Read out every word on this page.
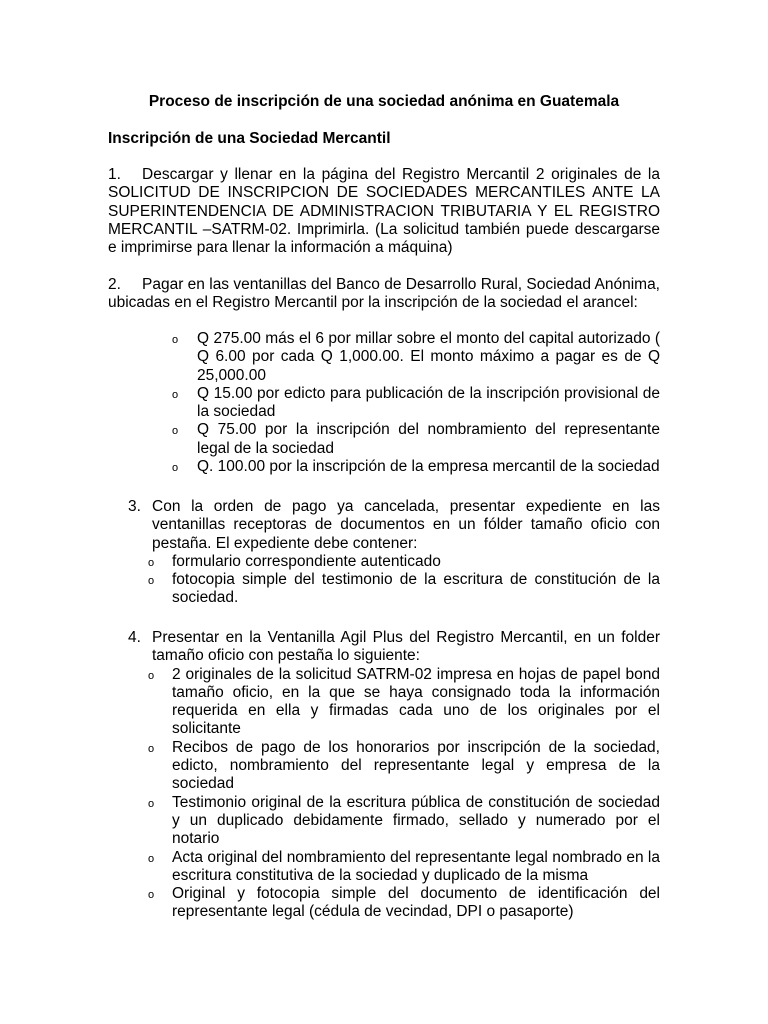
Proceso de inscripción de una sociedad anónima en Guatemala
Inscripción de una Sociedad Mercantil
1. Descargar y llenar en la página del Registro Mercantil 2 originales de la SOLICITUD DE INSCRIPCION DE SOCIEDADES MERCANTILES ANTE LA SUPERINTENDENCIA DE ADMINISTRACION TRIBUTARIA Y EL REGISTRO MERCANTIL –SATRM-02. Imprimirla. (La solicitud también puede descargarse e imprimirse para llenar la información a máquina)
2. Pagar en las ventanillas del Banco de Desarrollo Rural, Sociedad Anónima, ubicadas en el Registro Mercantil por la inscripción de la sociedad el arancel:
o Q 275.00 más el 6 por millar sobre el monto del capital autorizado ( Q 6.00 por cada Q 1,000.00. El monto máximo a pagar es de Q 25,000.00
o Q 15.00 por edicto para publicación de la inscripción provisional de la sociedad
o Q 75.00 por la inscripción del nombramiento del representante legal de la sociedad
o Q. 100.00 por la inscripción de la empresa mercantil de la sociedad
3. Con la orden de pago ya cancelada, presentar expediente en las ventanillas receptoras de documentos en un fólder tamaño oficio con pestaña. El expediente debe contener:
o formulario correspondiente autenticado
o fotocopia simple del testimonio de la escritura de constitución de la sociedad.
4. Presentar en la Ventanilla Agil Plus del Registro Mercantil, en un folder tamaño oficio con pestaña lo siguiente:
o 2 originales de la solicitud SATRM-02 impresa en hojas de papel bond tamaño oficio, en la que se haya consignado toda la información requerida en ella y firmadas cada uno de los originales por el solicitante
o Recibos de pago de los honorarios por inscripción de la sociedad, edicto, nombramiento del representante legal y empresa de la sociedad
o Testimonio original de la escritura pública de constitución de sociedad y un duplicado debidamente firmado, sellado y numerado por el notario
o Acta original del nombramiento del representante legal nombrado en la escritura constitutiva de la sociedad y duplicado de la misma
o Original y fotocopia simple del documento de identificación del representante legal (cédula de vecindad, DPI o pasaporte)
